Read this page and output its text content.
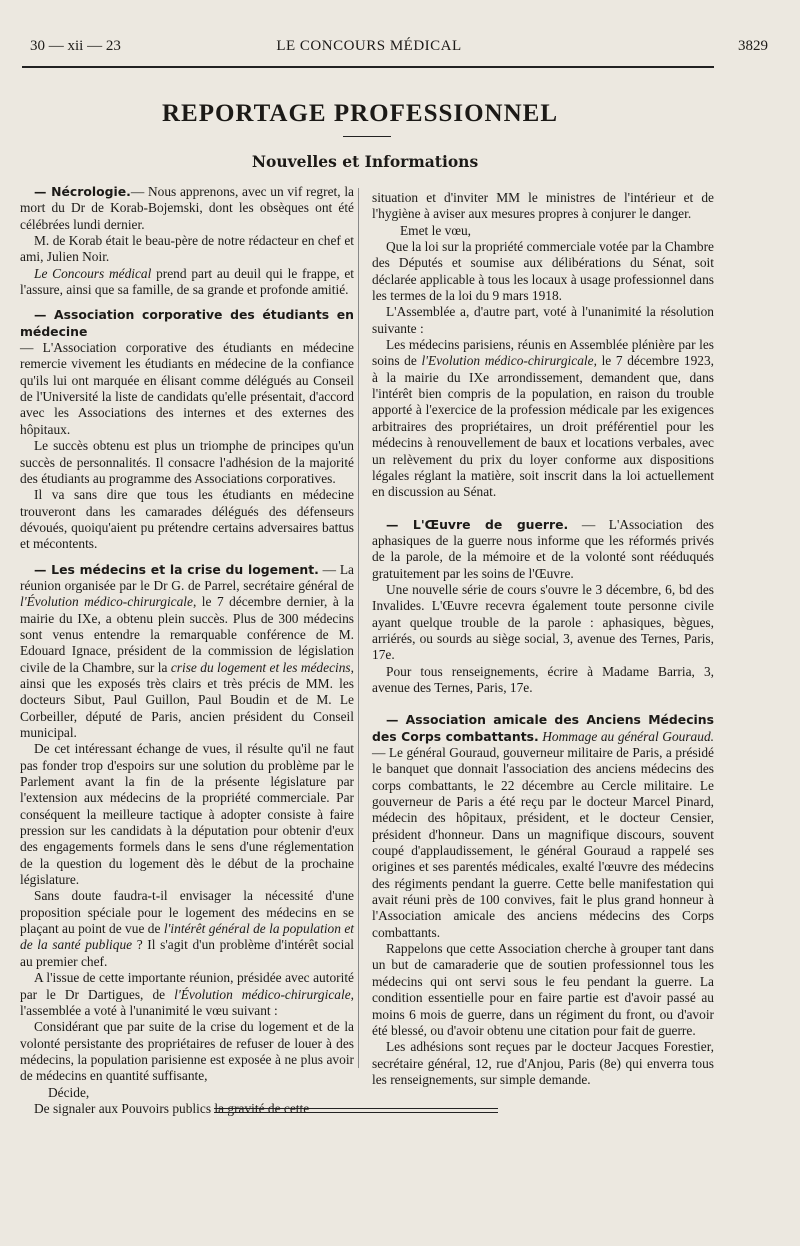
30 — xii — 23	LE CONCOURS MÉDICAL	3829
REPORTAGE PROFESSIONNEL
Nouvelles et Informations

— Nécrologie.— Nous apprenons, avec un vif regret, la mort du Dr de Korab-Bojemski, dont les obsèques ont été célébrées lundi dernier.

M. de Korab était le beau-père de notre rédacteur en chef et ami, Julien Noir.

Le Concours médical prend part au deuil qui le frappe, et l'assure, ainsi que sa famille, de sa grande et profonde amitié.

— Association corporative des étudiants en médecine

— L'Association corporative des étudiants en médecine remercie vivement les étudiants en médecine de la confiance qu'ils lui ont marquée en élisant comme délégués au Conseil de l'Université la liste de candidats qu'elle présentait, d'accord avec les Associations des internes et des externes des hôpitaux.

Le succès obtenu est plus un triomphe de principes qu'un succès de personnalités. Il consacre l'adhésion de la majorité des étudiants au programme des Associations corporatives.

Il va sans dire que tous les étudiants en médecine trouveront dans les camarades délégués des défenseurs dévoués, quoiqu'aient pu prétendre certains adversaires battus et mécontents.

— Les médecins et la crise du logement. — La réunion organisée par le Dr G. de Parrel, secrétaire général de l'Évolution médico-chirurgicale, le 7 décembre dernier, à la mairie du IXe, a obtenu plein succès. Plus de 300 médecins sont venus entendre la remarquable conférence de M. Edouard Ignace, président de la commission de législation civile de la Chambre, sur la crise du logement et les médecins, ainsi que les exposés très clairs et très précis de MM. les docteurs Sibut, Paul Guillon, Paul Boudin et de M. Le Corbeiller, député de Paris, ancien président du Conseil municipal.

De cet intéressant échange de vues, il résulte qu'il ne faut pas fonder trop d'espoirs sur une solution du problème par le Parlement avant la fin de la présente législature par l'extension aux médecins de la propriété commerciale. Par conséquent la meilleure tactique à adopter consiste à faire pression sur les candidats à la députation pour obtenir d'eux des engagements formels dans le sens d'une réglementation de la question du logement dès le début de la prochaine législature.

Sans doute faudra-t-il envisager la nécessité d'une proposition spéciale pour le logement des médecins en se plaçant au point de vue de l'intérêt général de la population et de la santé publique ? Il s'agit d'un problème d'intérêt social au premier chef.

A l'issue de cette importante réunion, présidée avec autorité par le Dr Dartigues, de l'Évolution médico-chirurgicale, l'assemblée a voté à l'unanimité le vœu suivant :

Considérant que par suite de la crise du logement et de la volonté persistante des propriétaires de refuser de louer à des médecins, la population parisienne est exposée à ne plus avoir de médecins en quantité suffisante,

Décide,

De signaler aux Pouvoirs publics la gravité de cette

situation et d'inviter MM le ministres de l'intérieur et de l'hygiène à aviser aux mesures propres à conjurer le danger.

Emet le vœu,

Que la loi sur la propriété commerciale votée par la Chambre des Députés et soumise aux délibérations du Sénat, soit déclarée applicable à tous les locaux à usage professionnel dans les termes de la loi du 9 mars 1918.

L'Assemblée a, d'autre part, voté à l'unanimité la résolution suivante :

Les médecins parisiens, réunis en Assemblée plénière par les soins de l'Evolution médico-chirurgicale, le 7 décembre 1923, à la mairie du IXe arrondissement, demandent que, dans l'intérêt bien compris de la population, en raison du trouble apporté à l'exercice de la profession médicale par les exigences arbitraires des propriétaires, un droit préférentiel pour les médecins à renouvellement de baux et locations verbales, avec un relèvement du prix du loyer conforme aux dispositions légales réglant la matière, soit inscrit dans la loi actuellement en discussion au Sénat.

— L'Œuvre de guerre. — L'Association des aphasiques de la guerre nous informe que les réformés privés de la parole, de la mémoire et de la volonté sont rééduqués gratuitement par les soins de l'Œuvre.

Une nouvelle série de cours s'ouvre le 3 décembre, 6, bd des Invalides. L'Œuvre recevra également toute personne civile ayant quelque trouble de la parole : aphasiques, bègues, arriérés, ou sourds au siège social, 3, avenue des Ternes, Paris, 17e.

Pour tous renseignements, écrire à Madame Barria, 3, avenue des Ternes, Paris, 17e.

— Association amicale des Anciens Médecins des Corps combattants. Hommage au général Gouraud. — Le général Gouraud, gouverneur militaire de Paris, a présidé le banquet que donnait l'association des anciens médecins des corps combattants, le 22 décembre au Cercle militaire. Le gouverneur de Paris a été reçu par le docteur Marcel Pinard, médecin des hôpitaux, président, et le docteur Censier, président d'honneur. Dans un magnifique discours, souvent coupé d'applaudissement, le général Gouraud a rappelé ses origines et ses parentés médicales, exalté l'œuvre des médecins des régiments pendant la guerre. Cette belle manifestation qui avait réuni près de 100 convives, fait le plus grand honneur à l'Association amicale des anciens médecins des Corps combattants.

Rappelons que cette Association cherche à grouper tant dans un but de camaraderie que de soutien professionnel tous les médecins qui ont servi sous le feu pendant la guerre. La condition essentielle pour en faire partie est d'avoir passé au moins 6 mois de guerre, dans un régiment du front, ou d'avoir été blessé, ou d'avoir obtenu une citation pour fait de guerre.

Les adhésions sont reçues par le docteur Jacques Forestier, secrétaire général, 12, rue d'Anjou, Paris (8e) qui enverra tous les renseignements, sur simple demande.
